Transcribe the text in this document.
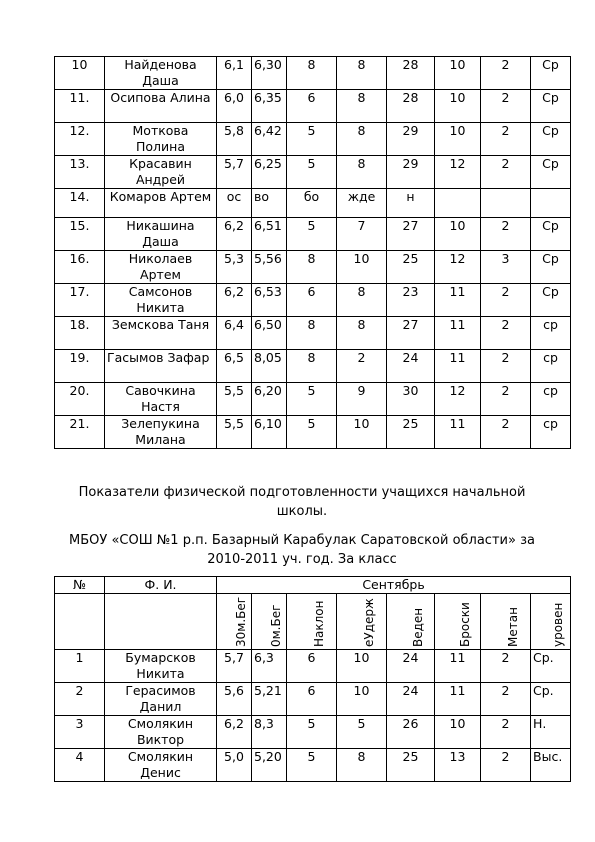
10	Найденова Даша	6,1	6,30	8	8	28	10	2	Ср
11.	Осипова Алина	6,0	6,35	6	8	28	10	2	Ср
12.	Моткова Полина	5,8	6,42	5	8	29	10	2	Ср
13.	Красавин Андрей	5,7	6,25	5	8	29	12	2	Ср
14.	Комаров Артем	ос	во	бо	жде	н			
15.	Никашина Даша	6,2	6,51	5	7	27	10	2	Ср
16.	Николаев Артем	5,3	5,56	8	10	25	12	3	Ср
17.	Самсонов Никита	6,2	6,53	6	8	23	11	2	Ср
18.	Земскова Таня	6,4	6,50	8	8	27	11	2	ср
19.	Гасымов Зафар	6,5	8,05	8	2	24	11	2	ср
20.	Савочкина Настя	5,5	6,20	5	9	30	12	2	ср
21.	Зелепукина Милана	5,5	6,10	5	10	25	11	2	ср
Показатели физической подготовленности учащихся начальной школы.
МБОУ «СОШ №1 р.п. Базарный Карабулак Саратовской области» за 2010-2011 уч. год. За класс
№	Ф. И.	Сентябрь							

		30м.Бег	0м.Бег	Наклон	еУдерж	Веден	Броски	Метан	уровен

1	Бумарсков Никита	5,7	6,3	6	10	24	11	2	Ср.
2	Герасимов Данил	5,6	5,21	6	10	24	11	2	Ср.
3	Смолякин Виктор	6,2	8,3	5	5	26	10	2	Н.
4	Смолякин Денис	5,0	5,20	5	8	25	13	2	Выс.
